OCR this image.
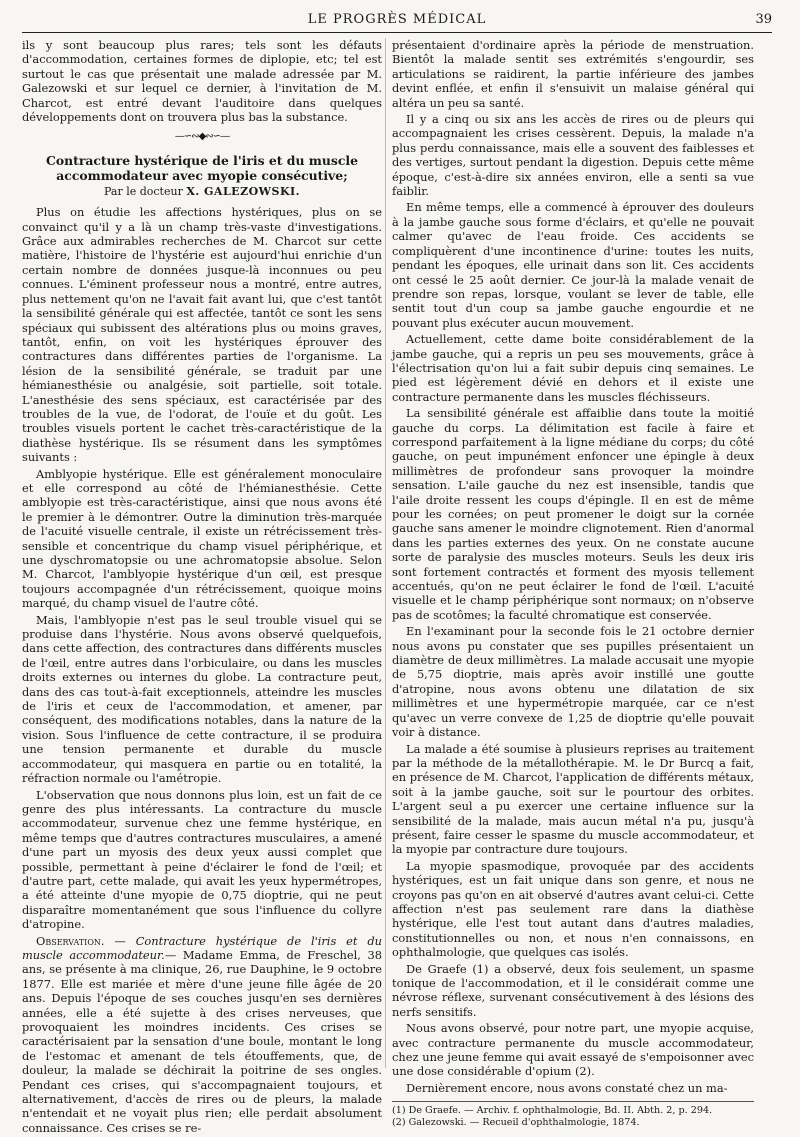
LE PROGRÈS MÉDICAL	39

ils y sont beaucoup plus rares; tels sont les défauts d'accommodation, certaines formes de diplopie, etc; tel est surtout le cas que présentait une malade adressée par M. Galezowski et sur lequel ce dernier, à l'invitation de M. Charcot, est entré devant l'auditoire dans quelques développements dont on trouvera plus bas la substance.

—∽∾◆∾∽—
Contracture hystérique de l'iris et du muscle accommodateur avec myopie consécutive;
Par le docteur X. GALEZOWSKI.

Plus on étudie les affections hystériques, plus on se convainct qu'il y a là un champ très-vaste d'investigations. Grâce aux admirables recherches de M. Charcot sur cette matière, l'histoire de l'hystérie est aujourd'hui enrichie d'un certain nombre de données jusque-là inconnues ou peu connues. L'éminent professeur nous a montré, entre autres, plus nettement qu'on ne l'avait fait avant lui, que c'est tantôt la sensibilité générale qui est affectée, tantôt ce sont les sens spéciaux qui subissent des altérations plus ou moins graves, tantôt, enfin, on voit les hystériques éprouver des contractures dans différentes parties de l'organisme. La lésion de la sensibilité générale, se traduit par une hémianesthésie ou analgésie, soit partielle, soit totale. L'anesthésie des sens spéciaux, est caractérisée par des troubles de la vue, de l'odorat, de l'ouïe et du goût. Les troubles visuels portent le cachet très-caractéristique de la diathèse hystérique. Ils se résument dans les symptômes suivants :

Amblyopie hystérique. Elle est généralement monoculaire et elle correspond au côté de l'hémianesthésie. Cette amblyopie est très-caractéristique, ainsi que nous avons été le premier à le démontrer. Outre la diminution très-marquée de l'acuité visuelle centrale, il existe un rétrécissement très-sensible et concentrique du champ visuel périphérique, et une dyschromatopsie ou une achromatopsie absolue. Selon M. Charcot, l'amblyopie hystérique d'un œil, est presque toujours accompagnée d'un rétrécissement, quoique moins marqué, du champ visuel de l'autre côté.

Mais, l'amblyopie n'est pas le seul trouble visuel qui se produise dans l'hystérie. Nous avons observé quelquefois, dans cette affection, des contractures dans différents muscles de l'œil, entre autres dans l'orbiculaire, ou dans les muscles droits externes ou internes du globe. La contracture peut, dans des cas tout-à-fait exceptionnels, atteindre les muscles de l'iris et ceux de l'accommodation, et amener, par conséquent, des modifications notables, dans la nature de la vision. Sous l'influence de cette contracture, il se produira une tension permanente et durable du muscle accommodateur, qui masquera en partie ou en totalité, la réfraction normale ou l'amétropie.

L'observation que nous donnons plus loin, est un fait de ce genre des plus intéressants. La contracture du muscle accommodateur, survenue chez une femme hystérique, en même temps que d'autres contractures musculaires, a amené d'une part un myosis des deux yeux aussi complet que possible, permettant à peine d'éclairer le fond de l'œil; et d'autre part, cette malade, qui avait les yeux hypermétropes, a été atteinte d'une myopie de 0,75 dioptrie, qui ne peut disparaître momentanément que sous l'influence du collyre d'atropine.

Observation. — Contracture hystérique de l'iris et du muscle accommodateur.— Madame Emma, de Freschel, 38 ans, se présente à ma clinique, 26, rue Dauphine, le 9 octobre 1877. Elle est mariée et mère d'une jeune fille âgée de 20 ans. Depuis l'époque de ses couches jusqu'en ses dernières années, elle a été sujette à des crises nerveuses, que provoquaient les moindres incidents. Ces crises se caractérisaient par la sensation d'une boule, montant le long de l'estomac et amenant de tels étouffements, que, de douleur, la malade se déchirait la poitrine de ses ongles. Pendant ces crises, qui s'accompagnaient toujours, et alternativement, d'accès de rires ou de pleurs, la malade n'entendait et ne voyait plus rien; elle perdait absolument connaissance. Ces crises se re-

présentaient d'ordinaire après la période de menstruation. Bientôt la malade sentit ses extrémités s'engourdir, ses articulations se raidirent, la partie inférieure des jambes devint enflée, et enfin il s'ensuivit un malaise général qui altéra un peu sa santé.

Il y a cinq ou six ans les accès de rires ou de pleurs qui accompagnaient les crises cessèrent. Depuis, la malade n'a plus perdu connaissance, mais elle a souvent des faiblesses et des vertiges, surtout pendant la digestion. Depuis cette même époque, c'est-à-dire six années environ, elle a senti sa vue faiblir.

En même temps, elle a commencé à éprouver des douleurs à la jambe gauche sous forme d'éclairs, et qu'elle ne pouvait calmer qu'avec de l'eau froide. Ces accidents se compliquèrent d'une incontinence d'urine: toutes les nuits, pendant les époques, elle urinait dans son lit. Ces accidents ont cessé le 25 août dernier. Ce jour-là la malade venait de prendre son repas, lorsque, voulant se lever de table, elle sentit tout d'un coup sa jambe gauche engourdie et ne pouvant plus exécuter aucun mouvement.

Actuellement, cette dame boite considérablement de la jambe gauche, qui a repris un peu ses mouvements, grâce à l'électrisation qu'on lui a fait subir depuis cinq semaines. Le pied est légèrement dévié en dehors et il existe une contracture permanente dans les muscles fléchisseurs.

La sensibilité générale est affaiblie dans toute la moitié gauche du corps. La délimitation est facile à faire et correspond parfaitement à la ligne médiane du corps; du côté gauche, on peut impunément enfoncer une épingle à deux millimètres de profondeur sans provoquer la moindre sensation. L'aile gauche du nez est insensible, tandis que l'aile droite ressent les coups d'épingle. Il en est de même pour les cornées; on peut promener le doigt sur la cornée gauche sans amener le moindre clignotement. Rien d'anormal dans les parties externes des yeux. On ne constate aucune sorte de paralysie des muscles moteurs. Seuls les deux iris sont fortement contractés et forment des myosis tellement accentués, qu'on ne peut éclairer le fond de l'œil. L'acuité visuelle et le champ périphérique sont normaux; on n'observe pas de scotômes; la faculté chromatique est conservée.

En l'examinant pour la seconde fois le 21 octobre dernier nous avons pu constater que ses pupilles présentaient un diamètre de deux millimètres. La malade accusait une myopie de 5,75 dioptrie, mais après avoir instillé une goutte d'atropine, nous avons obtenu une dilatation de six millimètres et une hypermétropie marquée, car ce n'est qu'avec un verre convexe de 1,25 de dioptrie qu'elle pouvait voir à distance.

La malade a été soumise à plusieurs reprises au traitement par la méthode de la métallothérapie. M. le Dr Burcq a fait, en présence de M. Charcot, l'application de différents métaux, soit à la jambe gauche, soit sur le pourtour des orbites. L'argent seul a pu exercer une certaine influence sur la sensibilité de la malade, mais aucun métal n'a pu, jusqu'à présent, faire cesser le spasme du muscle accommodateur, et la myopie par contracture dure toujours.

La myopie spasmodique, provoquée par des accidents hystériques, est un fait unique dans son genre, et nous ne croyons pas qu'on en ait observé d'autres avant celui-ci. Cette affection n'est pas seulement rare dans la diathèse hystérique, elle l'est tout autant dans d'autres maladies, constitutionnelles ou non, et nous n'en connaissons, en ophthalmologie, que quelques cas isolés.

De Graefe (1) a observé, deux fois seulement, un spasme tonique de l'accommodation, et il le considérait comme une névrose réflexe, survenant consécutivement à des lésions des nerfs sensitifs.

Nous avons observé, pour notre part, une myopie acquise, avec contracture permanente du muscle accommodateur, chez une jeune femme qui avait essayé de s'empoisonner avec une dose considérable d'opium (2).

Dernièrement encore, nous avons constaté chez un ma-

(1) De Graefe. — Archiv. f. ophthalmologie, Bd. II. Abth. 2, p. 294.
(2) Galezowski. — Recueil d'ophthalmologie, 1874.
